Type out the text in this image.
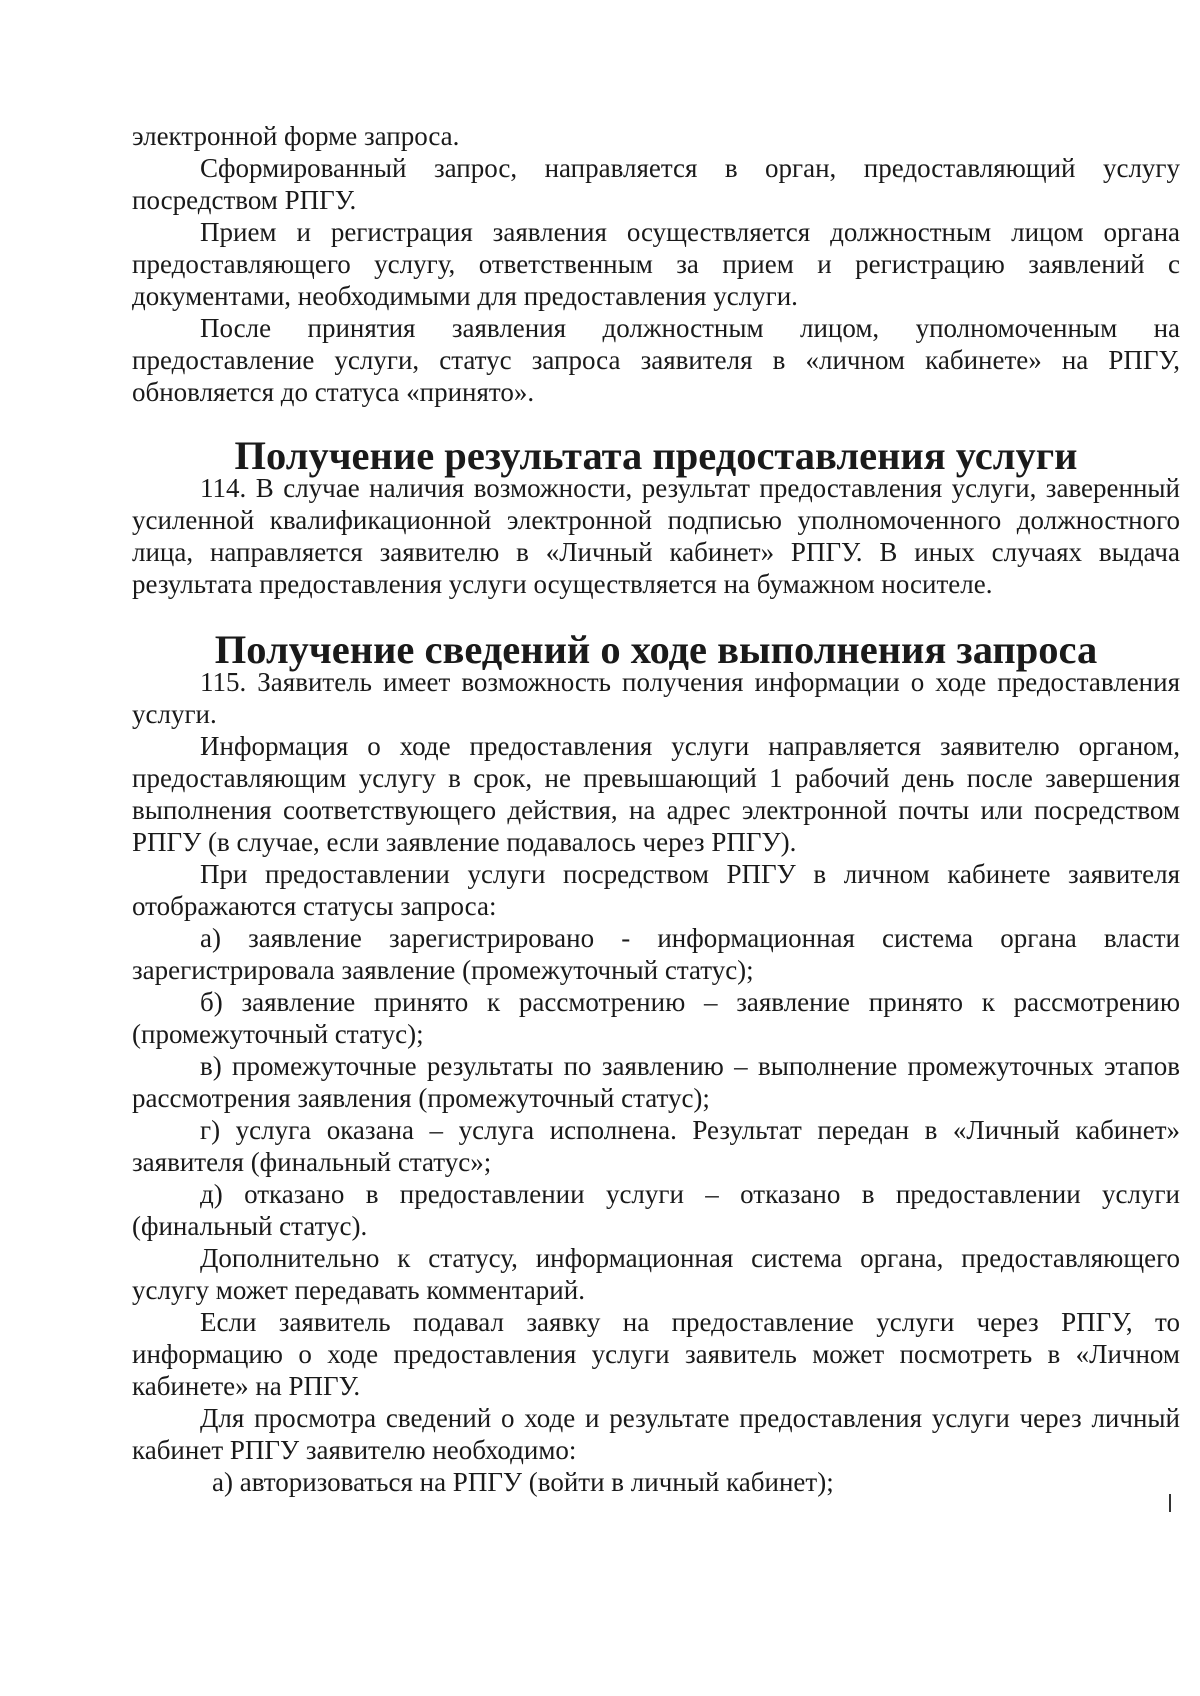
электронной форме запроса.

Сформированный запрос, направляется в орган, предоставляющий услугу посредством РПГУ.

Прием и регистрация заявления осуществляется должностным лицом органа предоставляющего услугу, ответственным за прием и регистрацию заявлений с документами, необходимыми для предоставления услуги.

После принятия заявления должностным лицом, уполномоченным на предоставление услуги, статус запроса заявителя в «личном кабинете» на РПГУ, обновляется до статуса «принято».

Получение результата предоставления услуги

114. В случае наличия возможности, результат предоставления услуги, заверенный усиленной квалификационной электронной подписью уполномоченного должностного лица, направляется заявителю в «Личный кабинет» РПГУ. В иных случаях выдача результата предоставления услуги осуществляется на бумажном носителе.

Получение сведений о ходе выполнения запроса

115. Заявитель имеет возможность получения информации о ходе предоставления услуги.

Информация о ходе предоставления услуги направляется заявителю органом, предоставляющим услугу в срок, не превышающий 1 рабочий день после завершения выполнения соответствующего действия, на адрес электронной почты или посредством РПГУ (в случае, если заявление подавалось через РПГУ).

При предоставлении услуги посредством РПГУ в личном кабинете заявителя отображаются статусы запроса:

а) заявление зарегистрировано - информационная система органа власти зарегистрировала заявление (промежуточный статус);

б) заявление принято к рассмотрению – заявление принято к рассмотрению (промежуточный статус);

в) промежуточные результаты по заявлению – выполнение промежуточных этапов рассмотрения заявления (промежуточный статус);

г) услуга оказана – услуга исполнена. Результат передан в «Личный кабинет» заявителя (финальный статус»;

д) отказано в предоставлении услуги – отказано в предоставлении услуги (финальный статус).

Дополнительно к статусу, информационная система органа, предоставляющего услугу может передавать комментарий.

Если заявитель подавал заявку на предоставление услуги через РПГУ, то информацию о ходе предоставления услуги заявитель может посмотреть в «Личном кабинете» на РПГУ.

Для просмотра сведений о ходе и результате предоставления услуги через личный кабинет РПГУ заявителю необходимо:

а) авторизоваться на РПГУ (войти в личный кабинет);
